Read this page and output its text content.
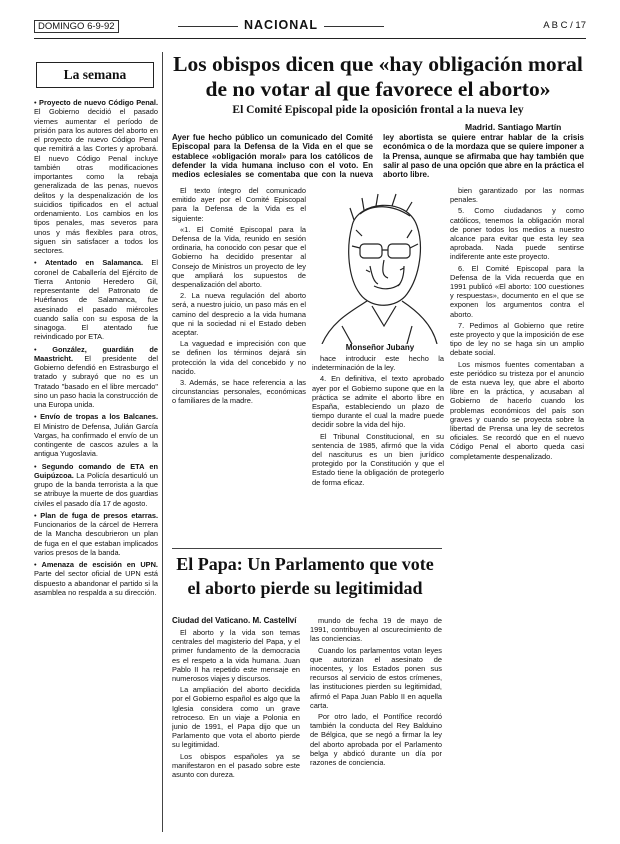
DOMINGO 6-9-92	NACIONAL	A B C / 17
La semana
• Proyecto de nuevo Código Penal. El Gobierno decidió el pasado viernes aumentar el período de prisión para los autores del aborto en el proyecto de nuevo Código Penal que remitirá a las Cortes y aprobará. El nuevo Código Penal incluye también otras modificaciones importantes como la rebaja generalizada de las penas, nuevos delitos y la despenalización de los suicidios tipificados en el actual ordenamiento. Los cambios en los tipos penales, mas severos para unos y más flexibles para otros, siguen sin satisfacer a todos los sectores.
• Atentado en Salamanca. El coronel de Caballería del Ejército de Tierra Antonio Heredero Gil, representante del Patronato de Huérfanos de Salamanca, fue asesinado el pasado miércoles cuando salía con su esposa de la sinagoga. El atentado fue reivindicado por ETA.
• González, guardián de Maastricht. El presidente del Gobierno defendió en Estrasburgo el tratado y subrayó que no es un Tratado "basado en el libre mercado" sino un paso hacia la construcción de una Europa unida.
• Envío de tropas a los Balcanes. El Ministro de Defensa, Julián García Vargas, ha confirmado el envío de un contingente de cascos azules a la antigua Yugoslavia.
• Segundo comando de ETA en Guipúzcoa. La Policía desarticuló un grupo de la banda terrorista a la que se atribuye la muerte de dos guardias civiles el pasado día 17 de agosto.
• Plan de fuga de presos etarras. Funcionarios de la cárcel de Herrera de la Mancha descubrieron un plan de fuga en el que estaban implicados varios presos de la banda.
• Amenaza de escisión en UPN. Parte del sector oficial de UPN está dispuesto a abandonar el partido si la asamblea no respalda a su dirección.
Los obispos dicen que «hay obligación moral de no votar al que favorece el aborto»
El Comité Episcopal pide la oposición frontal a la nueva ley
Madrid. Santiago Martín
Ayer fue hecho público un comunicado del Comité Episcopal para la Defensa de la Vida en el que se establece «obligación moral» para los católicos de defender la vida humana incluso con el voto. En medios eclesiales se comentaba que con la nueva ley abortista se quiere entrar hablar de la crisis económica o de la mordaza que se quiere imponer a la Prensa, aunque se afirmaba que hay también que salir al paso de una opción que abre en la práctica el aborto libre.

El texto íntegro del comunicado emitido ayer por el Comité Episcopal para la Defensa de la Vida es el siguiente:

«1. El Comité Episcopal para la Defensa de la Vida, reunido en sesión ordinaria, ha conocido con pesar que el Gobierno ha decidido presentar al Consejo de Ministros un proyecto de ley que ampliará los supuestos de despenalización del aborto.

2. La nueva regulación del aborto será, a nuestro juicio, un paso más en el camino del desprecio a la vida humana que ni la sociedad ni el Estado deben aceptar.

La vaguedad e imprecisión con que se definen los términos dejará sin protección la vida del concebido y no nacido.

3. Además, se hace referencia a las circunstancias personales, económicas o familiares de la madre.

Monseñor Jubany

hace introducir este hecho la indeterminación de la ley.

4. En definitiva, el texto aprobado ayer por el Gobierno supone que en la práctica se admite el aborto libre en España, estableciendo un plazo de tiempo durante el cual la madre puede decidir sobre la vida del hijo.

El Tribunal Constitucional, en su sentencia de 1985, afirmó que la vida del nasciturus es un bien jurídico protegido por la Constitución y que el Estado tiene la obligación de protegerlo de forma eficaz.

bien garantizado por las normas penales.

5. Como ciudadanos y como católicos, tenemos la obligación moral de poner todos los medios a nuestro alcance para evitar que esta ley sea aprobada. Nada puede sentirse indiferente ante este proyecto.

6. El Comité Episcopal para la Defensa de la Vida recuerda que en 1991 publicó «El aborto: 100 cuestiones y respuestas», documento en el que se exponen los argumentos contra el aborto.

7. Pedimos al Gobierno que retire este proyecto y que la imposición de ese tipo de ley no se haga sin un amplio debate social.

Los mismos fuentes comentaban a este periódico su tristeza por el anuncio de esta nueva ley, que abre el aborto libre en la práctica, y acusaban al Gobierno de hacerlo cuando los problemas económicos del país son graves y cuando se proyecta sobre la libertad de Prensa una ley de secretos oficiales. Se recordó que en el nuevo Código Penal el aborto queda casi completamente despenalizado.

El Papa: Un Parlamento que vote el aborto pierde su legitimidad
Ciudad del Vaticano. M. Castellví

El aborto y la vida son temas centrales del magisterio del Papa, y el primer fundamento de la democracia es el respeto a la vida humana. Juan Pablo II ha repetido este mensaje en numerosos viajes y discursos.

La ampliación del aborto decidida por el Gobierno español es algo que la Iglesia considera como un grave retroceso. En un viaje a Polonia en junio de 1991, el Papa dijo que un Parlamento que vota el aborto pierde su legitimidad.

Los obispos españoles ya se manifestaron en el pasado sobre este asunto con dureza.

mundo de fecha 19 de mayo de 1991, contribuyen al oscurecimiento de las conciencias.

Cuando los parlamentos votan leyes que autorizan el asesinato de inocentes, y los Estados ponen sus recursos al servicio de estos crímenes, las instituciones pierden su legitimidad, afirmó el Papa Juan Pablo II en aquella carta.

Por otro lado, el Pontífice recordó también la conducta del Rey Balduino de Bélgica, que se negó a firmar la ley del aborto aprobada por el Parlamento belga y abdicó durante un día por razones de conciencia.
